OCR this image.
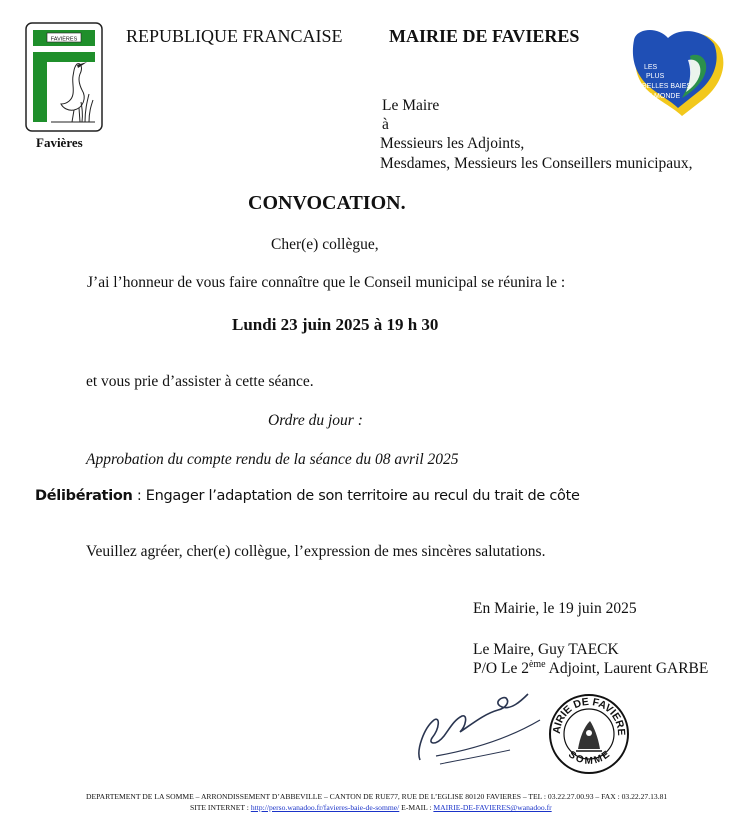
FAVIÈRES
Favières
REPUBLIQUE FRANCAISE	MAIRIE DE FAVIERES
LES
PLUS
BELLES BAIES
DU MONDE
Le Maire
à
Messieurs les Adjoints,
Mesdames, Messieurs les Conseillers municipaux,
CONVOCATION.
Cher(e) collègue,
J’ai l’honneur de vous faire connaître que le Conseil municipal se réunira le :
Lundi 23 juin 2025 à 19 h 30
et vous prie d’assister à cette séance.
Ordre du jour :
Approbation du compte rendu de la séance du 08 avril 2025
Délibération : Engager l’adaptation de son territoire au recul du trait de côte
Veuillez agréer, cher(e) collègue, l’expression de mes sincères salutations.
En Mairie, le 19 juin 2025
Le Maire, Guy TAECK
P/O Le 2ème Adjoint, Laurent GARBE
AIRIE DE FAVIERE
SOMME
DEPARTEMENT DE LA SOMME – ARRONDISSEMENT D’ABBEVILLE – CANTON DE RUE77, RUE DE L’EGLISE 80120 FAVIERES – TEL : 03.22.27.00.93 – FAX : 03.22.27.13.81
SITE INTERNET : http://perso.wanadoo.fr/favieres-baie-de-somme/ E-MAIL : MAIRIE-DE-FAVIERES@wanadoo.fr
